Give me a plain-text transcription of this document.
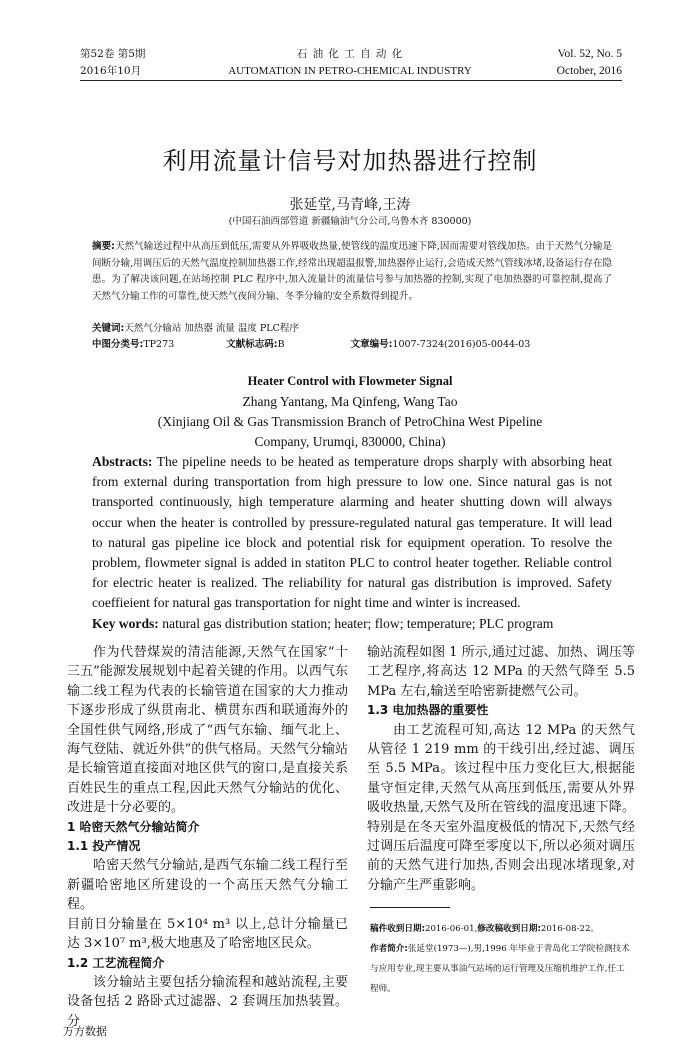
第52卷 第5期
2016年10月
石 油 化 工 自 动 化
AUTOMATION IN PETRO-CHEMICAL INDUSTRY
Vol. 52, No. 5
October, 2016
利用流量计信号对加热器进行控制
张延堂,马青峰,王涛
(中国石油西部管道 新疆输油气分公司,乌鲁木齐 830000)
摘要:天然气输送过程中从高压到低压,需要从外界吸收热量,使管线的温度迅速下降,因而需要对管线加热。由于天然气分输是间断分输,用调压后的天然气温度控制加热器工作,经常出现超温报警,加热器停止运行,会造成天然气管线冰堵,设备运行存在隐患。为了解决该问题,在站场控制 PLC 程序中,加入流量计的流量信号参与加热器的控制,实现了电加热器的可靠控制,提高了天然气分输工作的可靠性,使天然气夜间分输、冬季分输的安全系数得到提升。
关键词:天然气分输站 加热器 流量 温度 PLC程序
中图分类号:TP273	文献标志码:B	文章编号:1007-7324(2016)05-0044-03
Heater Control with Flowmeter Signal
Zhang Yantang, Ma Qinfeng, Wang Tao
(Xinjiang Oil & Gas Transmission Branch of PetroChina West Pipeline
Company, Urumqi, 830000, China)
Abstracts: The pipeline needs to be heated as temperature drops sharply with absorbing heat from external during transportation from high pressure to low one. Since natural gas is not transported continuously, high temperature alarming and heater shutting down will always occur when the heater is controlled by pressure-regulated natural gas temperature. It will lead to natural gas pipeline ice block and potential risk for equipment operation. To resolve the problem, flowmeter signal is added in statiton PLC to control heater together. Reliable control for electric heater is realized. The reliability for natural gas distribution is improved. Safety coeffieient for natural gas transportation for night time and winter is increased.
Key words: natural gas distribution station; heater; flow; temperature; PLC program

作为代替煤炭的清洁能源,天然气在国家“十三五”能源发展规划中起着关键的作用。以西气东输二线工程为代表的长输管道在国家的大力推动下逐步形成了纵贯南北、横贯东西和联通海外的全国性供气网络,形成了“西气东输、缅气北上、海气登陆、就近外供”的供气格局。天然气分输站是长输管道直接面对地区供气的窗口,是直接关系百姓民生的重点工程,因此天然气分输站的优化、改进是十分必要的。

1 哈密天然气分输站简介

1.1 投产情况

哈密天然气分输站,是西气东输二线工程行至新疆哈密地区所建设的一个高压天然气分输工程。

目前日分输量在 5×10⁴ m³ 以上,总计分输量已达 3×10⁷ m³,极大地惠及了哈密地区民众。

1.2 工艺流程简介

该分输站主要包括分输流程和越站流程,主要设备包括 2 路卧式过滤器、2 套调压加热装置。分

输站流程如图 1 所示,通过过滤、加热、调压等工艺程序,将高达 12 MPa 的天然气降至 5.5 MPa 左右,输送至哈密新捷燃气公司。

1.3 电加热器的重要性

由工艺流程可知,高达 12 MPa 的天然气从管径 1 219 mm 的干线引出,经过滤、调压至 5.5 MPa。该过程中压力变化巨大,根据能量守恒定律,天然气从高压到低压,需要从外界吸收热量,天然气及所在管线的温度迅速下降。特别是在冬天室外温度极低的情况下,天然气经过调压后温度可降至零度以下,所以必须对调压前的天然气进行加热,否则会出现冰堵现象,对分输产生严重影响。

稿件收到日期:2016-06-01,修改稿收到日期:2016-08-22。

作者简介:张延堂(1973—),男,1996 年毕业于青岛化工学院检测技术与应用专业,现主要从事油气站场的运行管理及压缩机维护工作,任工程师。

万方数据
